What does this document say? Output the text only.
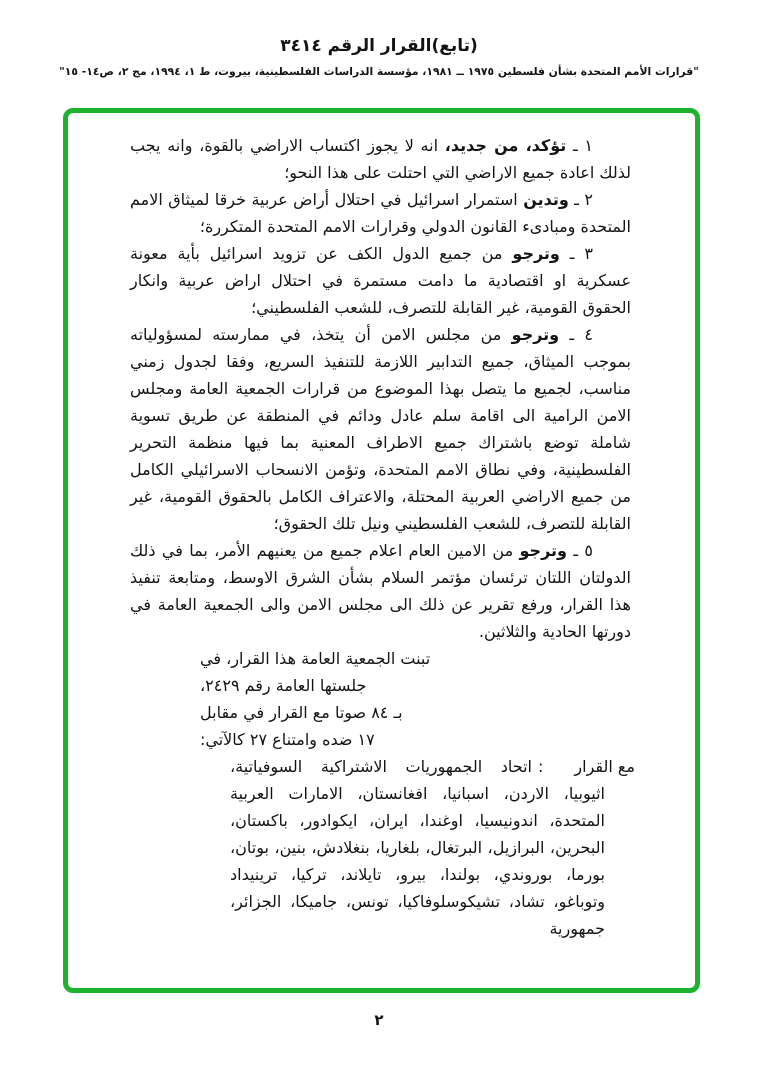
(تابع)القرار الرقم ٣٤١٤
"قرارات الأمم المتحدة بشأن فلسطين ١٩٧٥ ــ ١٩٨١، مؤسسة الدراسات الفلسطينية، بيروت، ط ١، ١٩٩٤، مج ٢، ص١٤- ١٥"

١ ـ تؤكد، من جديد، انه لا يجوز اكتساب الاراضي بالقوة، وانه يجب لذلك اعادة جميع الاراضي التي احتلت على هذا النحو؛

٢ ـ وتدين استمرار اسرائيل في احتلال أراض عربية خرقا لميثاق الامم المتحدة ومبادىء القانون الدولي وقرارات الامم المتحدة المتكررة؛

٣ ـ وترجو من جميع الدول الكف عن تزويد اسرائيل بأية معونة عسكرية او اقتصادية ما دامت مستمرة في احتلال اراض عربية وانكار الحقوق القومية، غير القابلة للتصرف، للشعب الفلسطيني؛

٤ ـ وترجو من مجلس الامن أن يتخذ، في ممارسته لمسؤولياته بموجب الميثاق، جميع التدابير اللازمة للتنفيذ السريع، وفقا لجدول زمني مناسب، لجميع ما يتصل بهذا الموضوع من قرارات الجمعية العامة ومجلس الامن الرامية الى اقامة سلم عادل ودائم في المنطقة عن طريق تسوية شاملة توضع باشتراك جميع الاطراف المعنية بما فيها منظمة التحرير الفلسطينية، وفي نطاق الامم المتحدة، وتؤمن الانسحاب الاسرائيلي الكامل من جميع الاراضي العربية المحتلة، والاعتراف الكامل بالحقوق القومية، غير القابلة للتصرف، للشعب الفلسطيني ونيل تلك الحقوق؛

٥ ـ وترجو من الامين العام اعلام جميع من يعنيهم الأمر، بما في ذلك الدولتان اللتان ترئسان مؤتمر السلام بشأن الشرق الاوسط، ومتابعة تنفيذ هذا القرار، ورفع تقرير عن ذلك الى مجلس الامن والى الجمعية العامة في دورتها الحادية والثلاثين.

تبنت الجمعية العامة هذا القرار، في
جلستها العامة رقم ٢٤٢٩،
بـ ٨٤ صوتا مع القرار في مقابل
١٧ ضده وامتناع ٢٧ كالآتي:
مع القرار
:

اتحاد الجمهوريات الاشتراكية السوفياتية، اثيوبيا، الاردن، اسبانيا، افغانستان، الامارات العربية المتحدة، اندونيسيا، اوغندا، ايران، ايكوادور، باكستان، البحرين، البرازيل، البرتغال، بلغاريا، بنغلادش، بنين، بوتان، بورما، بوروندي، بولندا، بيرو، تايلاند، تركيا، ترينيداد وتوباغو، تشاد، تشيكوسلوفاكيا، تونس، جاميكا، الجزائر، جمهورية

٢
